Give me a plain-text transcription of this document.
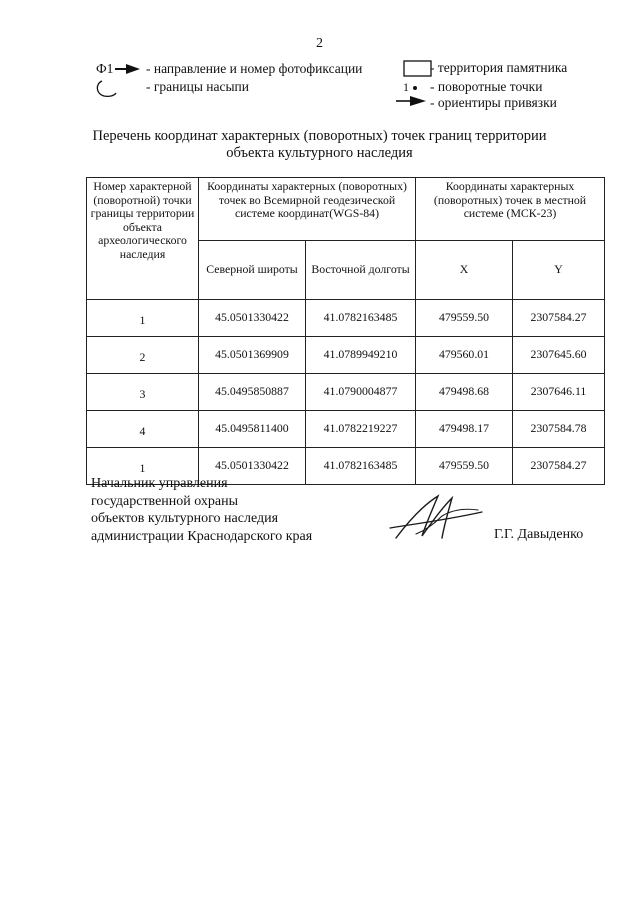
2
Ф1 - направление и номер фотофиксации
- границы насыпи
- территория памятника
1 - поворотные точки
- ориентиры привязки
Перечень координат характерных (поворотных) точек границ территории
объекта культурного наследия
Номер характерной (поворотной) точки границы территории объекта археологического наследия	Координаты характерных (поворотных) точек во Всемирной геодезической системе координат(WGS-84)		Координаты характерных (поворотных) точек в местной системе (МСК-23)	
	Северной широты	Восточной долготы	X	Y
1	45.0501330422	41.0782163485	479559.50	2307584.27
2	45.0501369909	41.0789949210	479560.01	2307645.60
3	45.0495850887	41.0790004877	479498.68	2307646.11
4	45.0495811400	41.0782219227	479498.17	2307584.78
1	45.0501330422	41.0782163485	479559.50	2307584.27
Начальник управления
государственной охраны
объектов культурного наследия
администрации Краснодарского края	Г.Г. Давыденко
